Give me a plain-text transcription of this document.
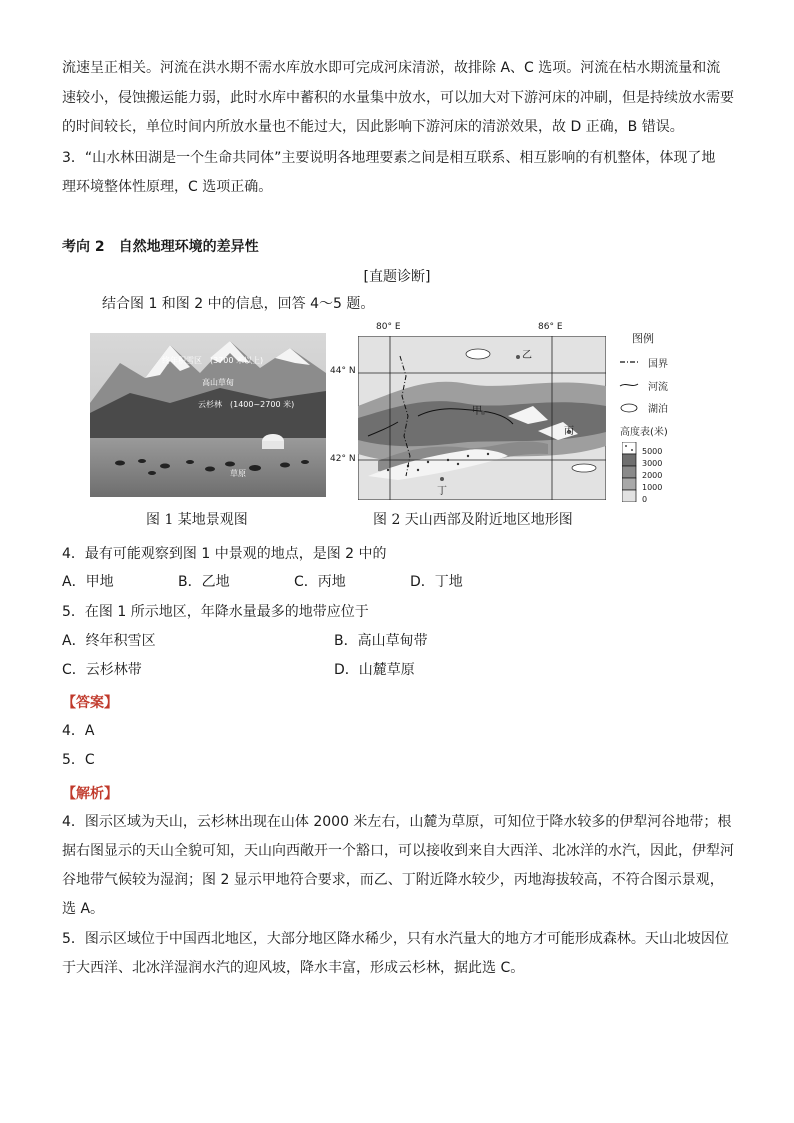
流速呈正相关。河流在洪水期不需水库放水即可完成河床清淤，故排除 A、C 选项。河流在枯水期流量和流
速较小，侵蚀搬运能力弱，此时水库中蓄积的水量集中放水，可以加大对下游河床的冲刷，但是持续放水需要
的时间较长，单位时间内所放水量也不能过大，因此影响下游河床的清淤效果，故 D 正确，B 错误。
3．“山水林田湖是一个生命共同体”主要说明各地理要素之间是相互联系、相互影响的有机整体，体现了地
理环境整体性原理，C 选项正确。
考向 2　自然地理环境的差异性
[直题诊断]
结合图 1 和图 2 中的信息，回答 4～5 题。
终年积雪区　(3700 米以上)
高山草甸
云杉林　(1400~2700 米)
草原
图 1 某地景观图
80° E	86° E
44° N
42° N
乙
甲
丙
丁
图例
国界
河流
湖泊
高度表(米)
5000
3000
2000
1000
0
图 2 天山西部及附近地区地形图
4．最有可能观察到图 1 中景观的地点，是图 2 中的
A．甲地	B．乙地	C．丙地	D．丁地
5．在图 1 所示地区，年降水量最多的地带应位于
A．终年积雪区	B．高山草甸带
C．云杉林带	D．山麓草原
【答案】
4．A
5．C
【解析】
4．图示区域为天山，云杉林出现在山体 2000 米左右，山麓为草原，可知位于降水较多的伊犁河谷地带；根
据右图显示的天山全貌可知，天山向西敞开一个豁口，可以接收到来自大西洋、北冰洋的水汽，因此，伊犁河
谷地带气候较为湿润；图 2 显示甲地符合要求，而乙、丁附近降水较少，丙地海拔较高，不符合图示景观，
选 A。
5．图示区域位于中国西北地区，大部分地区降水稀少，只有水汽量大的地方才可能形成森林。天山北坡因位
于大西洋、北冰洋湿润水汽的迎风坡，降水丰富，形成云杉林，据此选 C。
